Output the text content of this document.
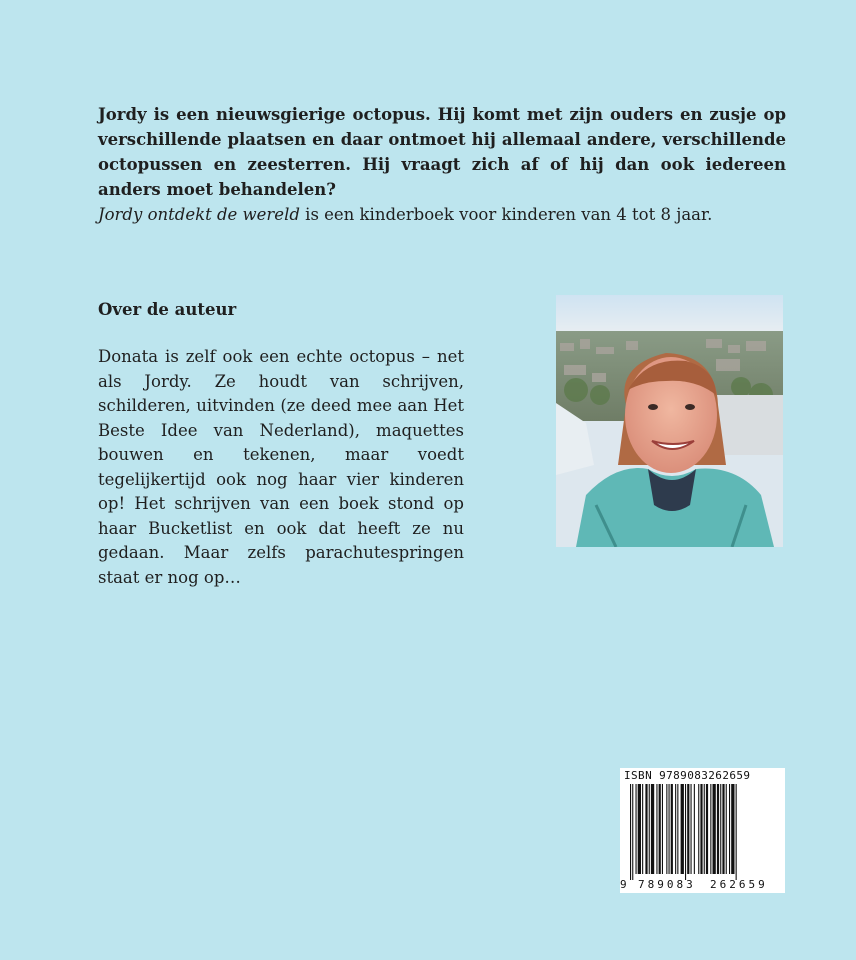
Jordy is een nieuwsgierige octopus. Hij komt met zijn ouders en zusje op verschillende plaatsen en daar ontmoet hij allemaal andere, verschillende octopussen en zeesterren. Hij vraagt zich af of hij dan ook iedereen anders moet behandelen?

Jordy ontdekt de wereld is een kinderboek voor kinderen van 4 tot 8 jaar.

Over de auteur

Donata is zelf ook een echte octopus – net als Jordy. Ze houdt van schrijven, schilderen, uitvinden (ze deed mee aan Het Beste Idee van Nederland), maquettes bouwen en tekenen, maar voedt tegelijkertijd ook nog haar vier kinderen op! Het schrijven van een boek stond op haar Bucketlist en ook dat heeft ze nu gedaan. Maar zelfs parachutespringen staat er nog op…

ISBN 9789083262659
9 789083 262659
